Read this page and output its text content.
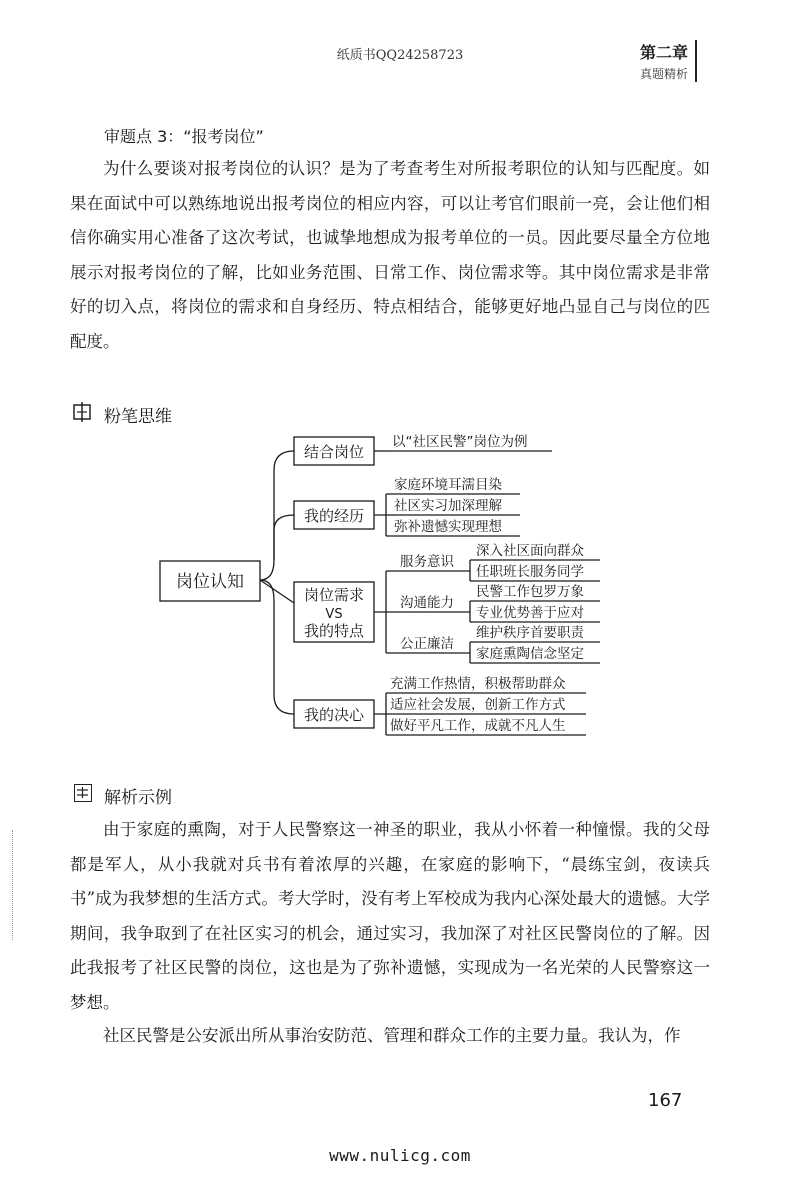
纸质书QQ24258723	第二章
真题精析
审题点 3：“报考岗位”

为什么要谈对报考岗位的认识？是为了考查考生对所报考职位的认知与匹配度。如果在面试中可以熟练地说出报考岗位的相应内容，可以让考官们眼前一亮，会让他们相信你确实用心准备了这次考试，也诚挚地想成为报考单位的一员。因此要尽量全方位地展示对报考岗位的了解，比如业务范围、日常工作、岗位需求等。其中岗位需求是非常好的切入点，将岗位的需求和自身经历、特点相结合，能够更好地凸显自己与岗位的匹配度。

粉笔思维
岗位认知
结合岗位
以“社区民警”岗位为例
我的经历
家庭环境耳濡目染
社区实习加深理解
弥补遗憾实现理想
岗位需求
VS
我的特点
服务意识
深入社区面向群众
任职班长服务同学
沟通能力
民警工作包罗万象
专业优势善于应对
公正廉洁
维护秩序首要职责
家庭熏陶信念坚定
我的决心
充满工作热情，积极帮助群众
适应社会发展，创新工作方式
做好平凡工作，成就不凡人生
解析示例

由于家庭的熏陶，对于人民警察这一神圣的职业，我从小怀着一种憧憬。我的父母都是军人，从小我就对兵书有着浓厚的兴趣，在家庭的影响下，“晨练宝剑，夜读兵书”成为我梦想的生活方式。考大学时，没有考上军校成为我内心深处最大的遗憾。大学期间，我争取到了在社区实习的机会，通过实习，我加深了对社区民警岗位的了解。因此我报考了社区民警的岗位，这也是为了弥补遗憾，实现成为一名光荣的人民警察这一梦想。

社区民警是公安派出所从事治安防范、管理和群众工作的主要力量。我认为，作

167
www.nulicg.com
